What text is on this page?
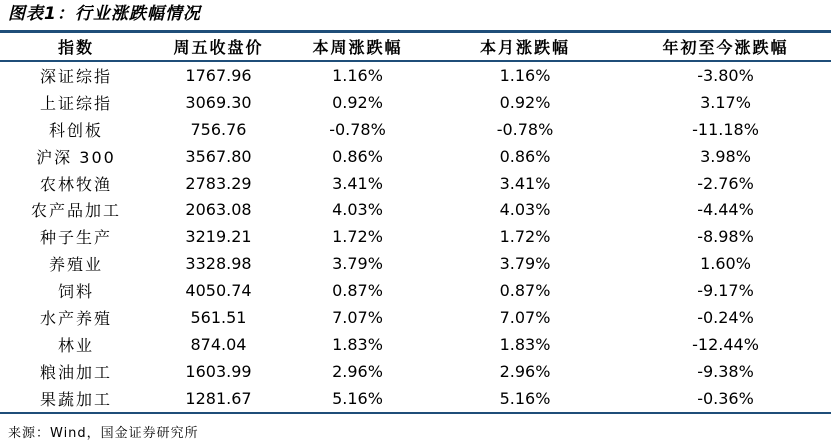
图表1：行业涨跌幅情况
指数	周五收盘价	本周涨跌幅	本月涨跌幅	年初至今涨跌幅
深证综指	1767.96	1.16%	1.16%	-3.80%
上证综指	3069.30	0.92%	0.92%	3.17%
科创板	756.76	-0.78%	-0.78%	-11.18%
沪深 300	3567.80	0.86%	0.86%	3.98%
农林牧渔	2783.29	3.41%	3.41%	-2.76%
农产品加工	2063.08	4.03%	4.03%	-4.44%
种子生产	3219.21	1.72%	1.72%	-8.98%
养殖业	3328.98	3.79%	3.79%	1.60%
饲料	4050.74	0.87%	0.87%	-9.17%
水产养殖	561.51	7.07%	7.07%	-0.24%
林业	874.04	1.83%	1.83%	-12.44%
粮油加工	1603.99	2.96%	2.96%	-9.38%
果蔬加工	1281.67	5.16%	5.16%	-0.36%
来源：Wind，国金证券研究所
